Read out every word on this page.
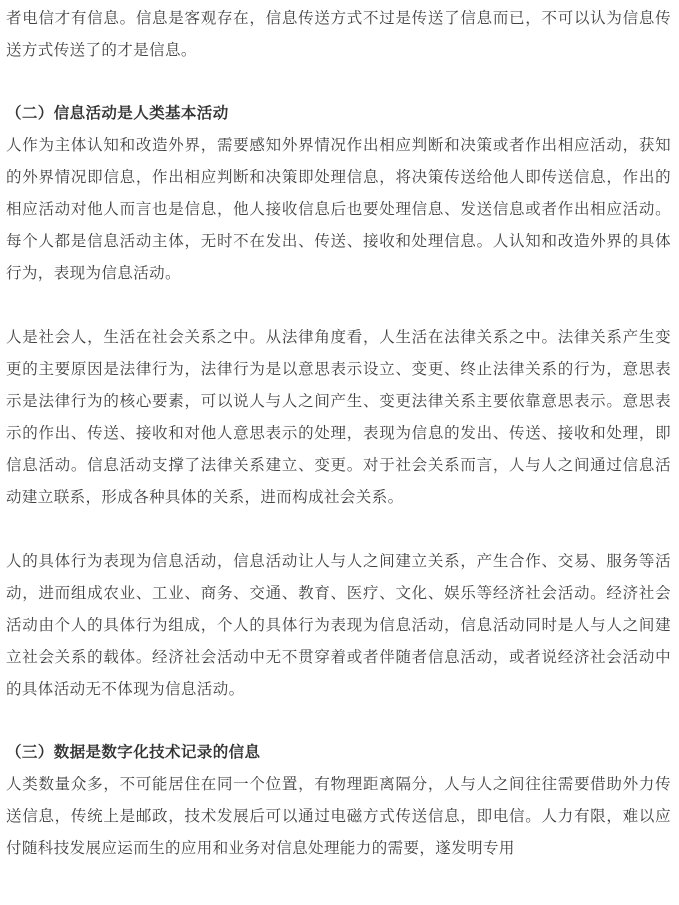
者电信才有信息。信息是客观存在，信息传送方式不过是传送了信息而已，不可以认为信息传送方式传送了的才是信息。

（二）信息活动是人类基本活动

人作为主体认知和改造外界，需要感知外界情况作出相应判断和决策或者作出相应活动，获知的外界情况即信息，作出相应判断和决策即处理信息，将决策传送给他人即传送信息，作出的相应活动对他人而言也是信息，他人接收信息后也要处理信息、发送信息或者作出相应活动。每个人都是信息活动主体，无时不在发出、传送、接收和处理信息。人认知和改造外界的具体行为，表现为信息活动。

人是社会人，生活在社会关系之中。从法律角度看，人生活在法律关系之中。法律关系产生变更的主要原因是法律行为，法律行为是以意思表示设立、变更、终止法律关系的行为，意思表示是法律行为的核心要素，可以说人与人之间产生、变更法律关系主要依靠意思表示。意思表示的作出、传送、接收和对他人意思表示的处理，表现为信息的发出、传送、接收和处理，即信息活动。信息活动支撑了法律关系建立、变更。对于社会关系而言，人与人之间通过信息活动建立联系，形成各种具体的关系，进而构成社会关系。

人的具体行为表现为信息活动，信息活动让人与人之间建立关系，产生合作、交易、服务等活动，进而组成农业、工业、商务、交通、教育、医疗、文化、娱乐等经济社会活动。经济社会活动由个人的具体行为组成，个人的具体行为表现为信息活动，信息活动同时是人与人之间建立社会关系的载体。经济社会活动中无不贯穿着或者伴随者信息活动，或者说经济社会活动中的具体活动无不体现为信息活动。

（三）数据是数字化技术记录的信息

人类数量众多，不可能居住在同一个位置，有物理距离隔分，人与人之间往往需要借助外力传送信息，传统上是邮政，技术发展后可以通过电磁方式传送信息，即电信。人力有限，难以应付随科技发展应运而生的应用和业务对信息处理能力的需要，遂发明专用
